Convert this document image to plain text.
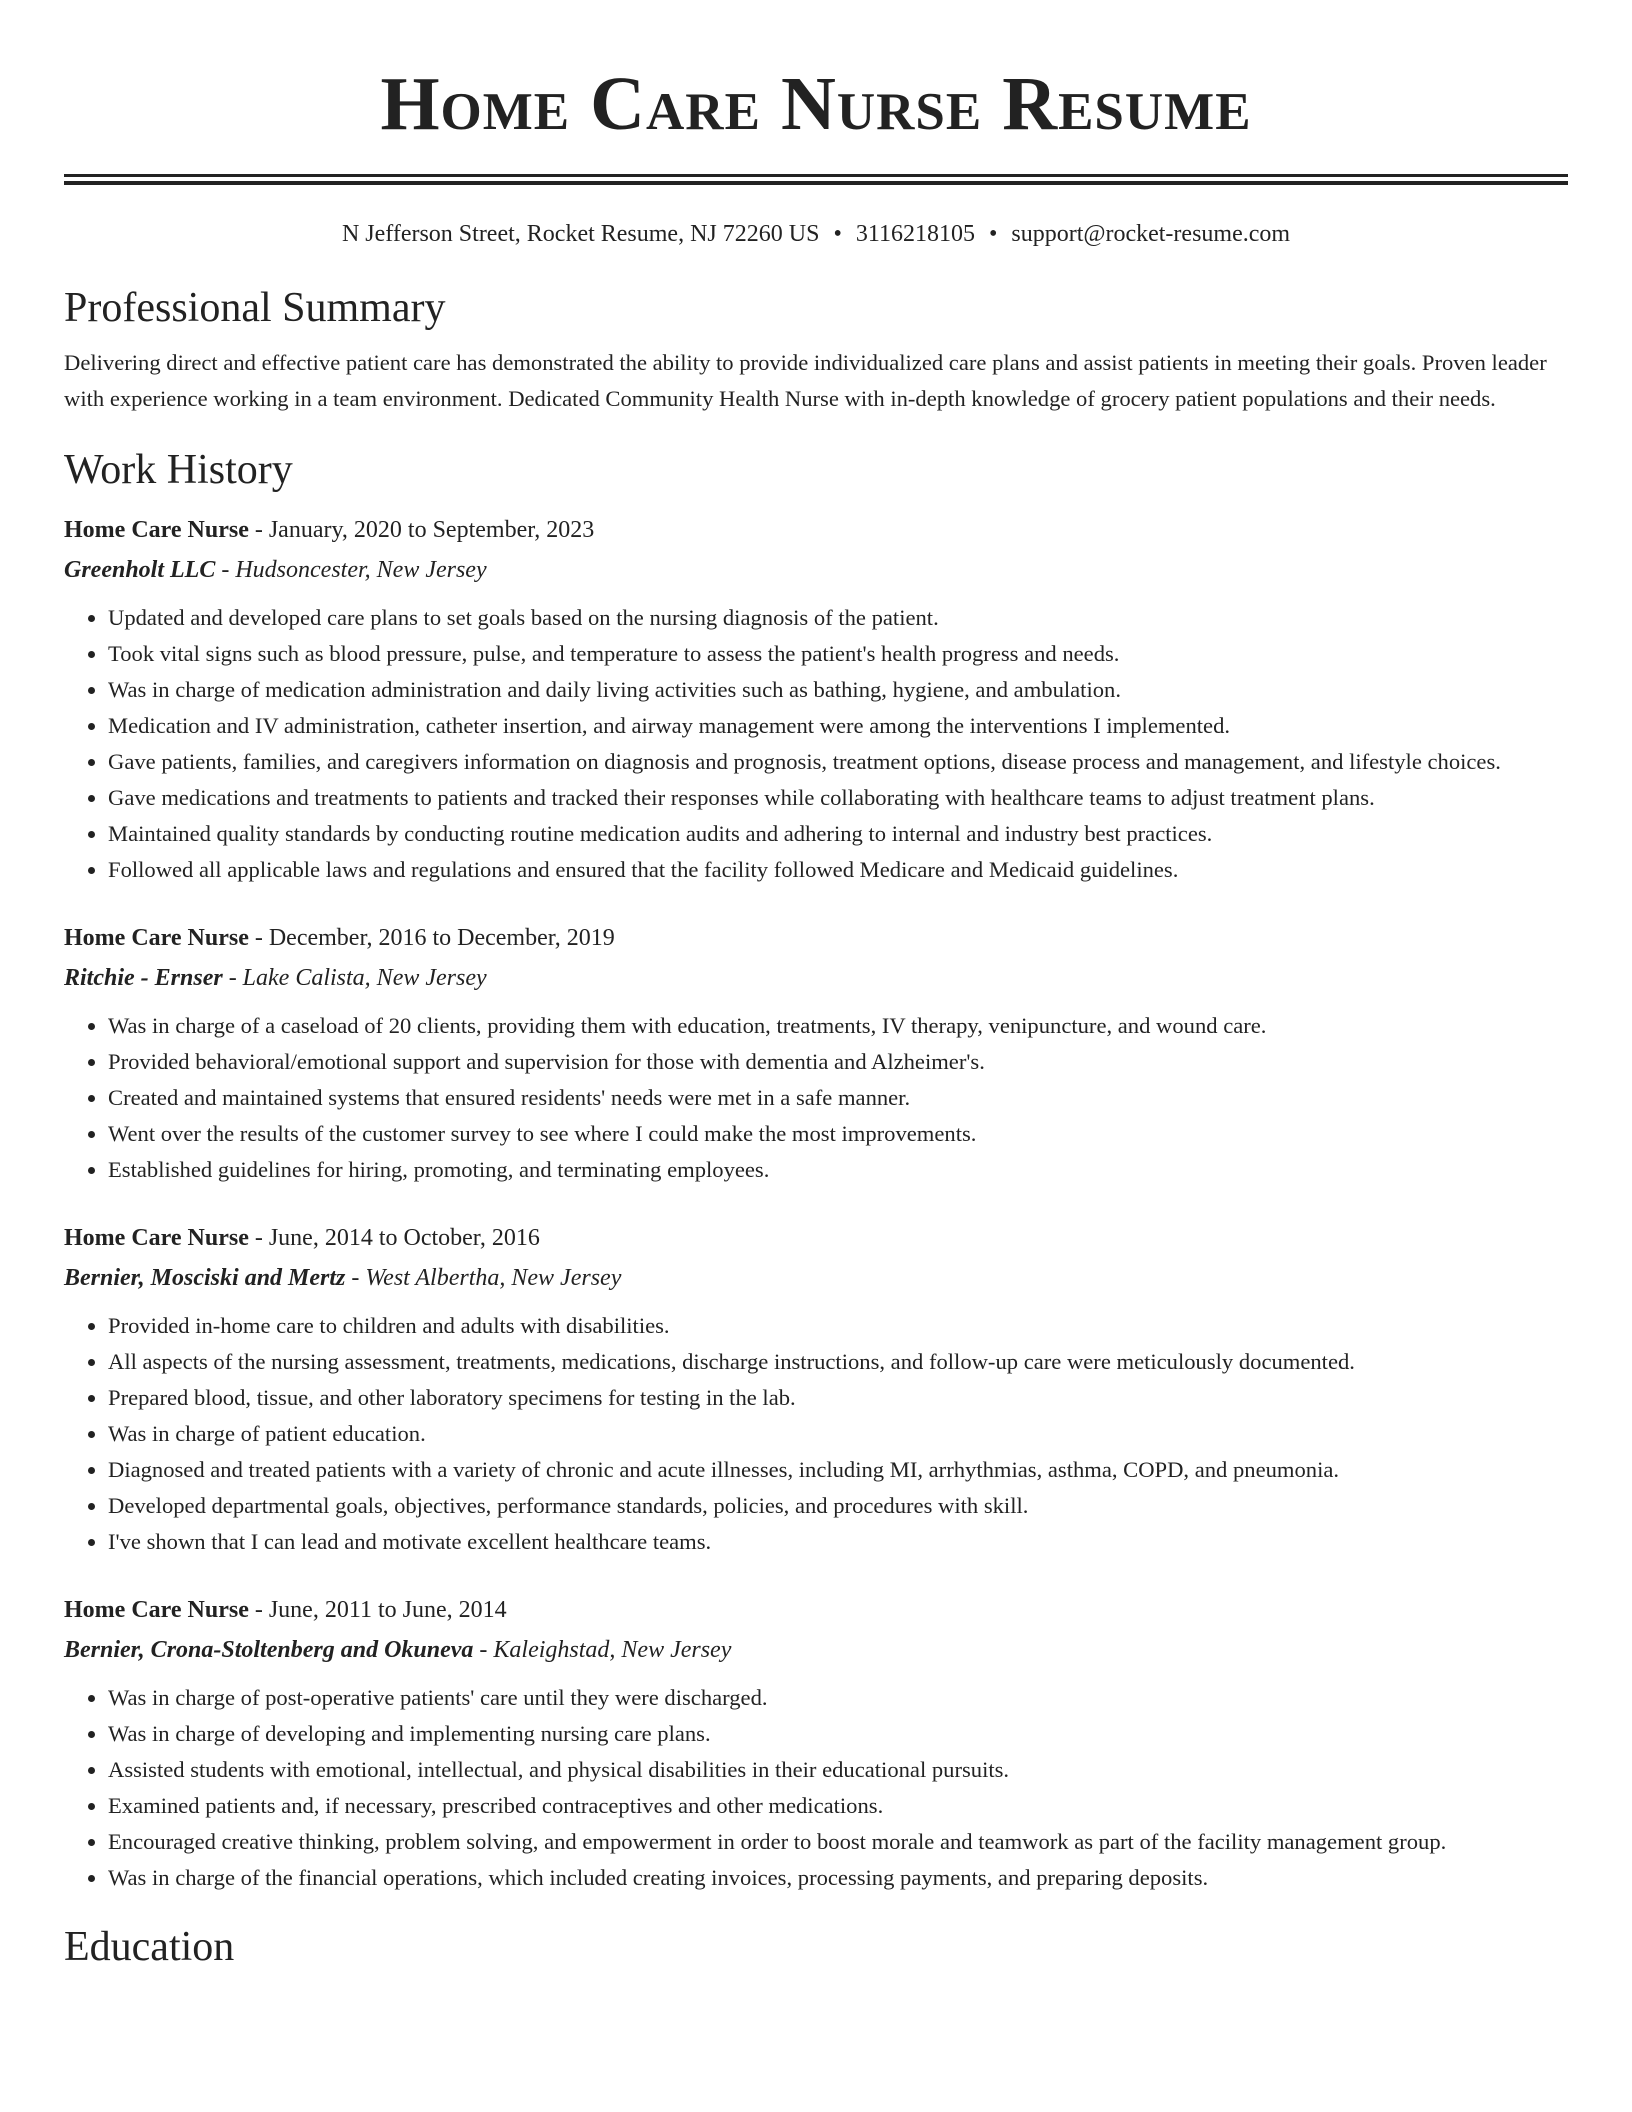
Home Care Nurse Resume
N Jefferson Street, Rocket Resume, NJ 72260 US • 3116218105 • support@rocket-resume.com
Professional Summary

Delivering direct and effective patient care has demonstrated the ability to provide individualized care plans and assist patients in meeting their goals. Proven leader with experience working in a team environment. Dedicated Community Health Nurse with in-depth knowledge of grocery patient populations and their needs.

Work History
Home Care Nurse - January, 2020 to September, 2023
Greenholt LLC - Hudsoncester, New Jersey
• Updated and developed care plans to set goals based on the nursing diagnosis of the patient.
• Took vital signs such as blood pressure, pulse, and temperature to assess the patient's health progress and needs.
• Was in charge of medication administration and daily living activities such as bathing, hygiene, and ambulation.
• Medication and IV administration, catheter insertion, and airway management were among the interventions I implemented.
• Gave patients, families, and caregivers information on diagnosis and prognosis, treatment options, disease process and management, and lifestyle choices.
• Gave medications and treatments to patients and tracked their responses while collaborating with healthcare teams to adjust treatment plans.
• Maintained quality standards by conducting routine medication audits and adhering to internal and industry best practices.
• Followed all applicable laws and regulations and ensured that the facility followed Medicare and Medicaid guidelines.
Home Care Nurse - December, 2016 to December, 2019
Ritchie - Ernser - Lake Calista, New Jersey
• Was in charge of a caseload of 20 clients, providing them with education, treatments, IV therapy, venipuncture, and wound care.
• Provided behavioral/emotional support and supervision for those with dementia and Alzheimer's.
• Created and maintained systems that ensured residents' needs were met in a safe manner.
• Went over the results of the customer survey to see where I could make the most improvements.
• Established guidelines for hiring, promoting, and terminating employees.
Home Care Nurse - June, 2014 to October, 2016
Bernier, Mosciski and Mertz - West Albertha, New Jersey
• Provided in-home care to children and adults with disabilities.
• All aspects of the nursing assessment, treatments, medications, discharge instructions, and follow-up care were meticulously documented.
• Prepared blood, tissue, and other laboratory specimens for testing in the lab.
• Was in charge of patient education.
• Diagnosed and treated patients with a variety of chronic and acute illnesses, including MI, arrhythmias, asthma, COPD, and pneumonia.
• Developed departmental goals, objectives, performance standards, policies, and procedures with skill.
• I've shown that I can lead and motivate excellent healthcare teams.
Home Care Nurse - June, 2011 to June, 2014
Bernier, Crona-Stoltenberg and Okuneva - Kaleighstad, New Jersey
• Was in charge of post-operative patients' care until they were discharged.
• Was in charge of developing and implementing nursing care plans.
• Assisted students with emotional, intellectual, and physical disabilities in their educational pursuits.
• Examined patients and, if necessary, prescribed contraceptives and other medications.
• Encouraged creative thinking, problem solving, and empowerment in order to boost morale and teamwork as part of the facility management group.
• Was in charge of the financial operations, which included creating invoices, processing payments, and preparing deposits.
Education
